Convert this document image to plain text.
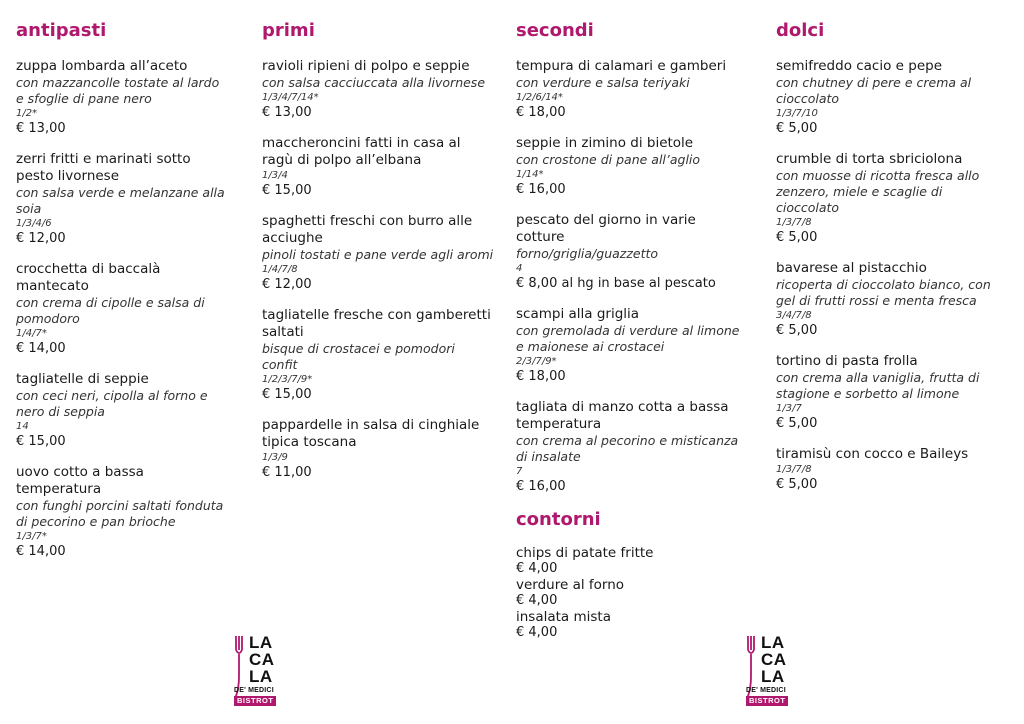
antipasti
zuppa lombarda all’aceto
con mazzancolle tostate al lardo e sfoglie di pane nero
1/2*
€ 13,00
zerri fritti e marinati sotto pesto livornese
con salsa verde e melanzane alla soia
1/3/4/6
€ 12,00
crocchetta di baccalà mantecato
con crema di cipolle e salsa di pomodoro
1/4/7*
€ 14,00
tagliatelle di seppie
con ceci neri, cipolla al forno e nero di seppia
14
€ 15,00
uovo cotto a bassa temperatura
con funghi porcini saltati fonduta di pecorino e pan brioche
1/3/7*
€ 14,00
primi
ravioli ripieni di polpo e seppie
con salsa cacciuccata alla livornese
1/3/4/7/14*
€ 13,00
maccheroncini fatti in casa al ragù di polpo all’elbana
1/3/4
€ 15,00
spaghetti freschi con burro alle acciughe
pinoli tostati e pane verde agli aromi
1/4/7/8
€ 12,00
tagliatelle fresche con gamberetti saltati
bisque di crostacei e pomodori confit
1/2/3/7/9*
€ 15,00
pappardelle in salsa di cinghiale tipica toscana
1/3/9
€ 11,00
secondi
tempura di calamari e gamberi
con verdure e salsa teriyaki
1/2/6/14*
€ 18,00
seppie in zimino di bietole
con crostone di pane all’aglio
1/14*
€ 16,00
pescato del giorno in varie cotture
forno/griglia/guazzetto
4
€ 8,00 al hg in base al pescato
scampi alla griglia
con gremolada di verdure al limone e maionese ai crostacei
2/3/7/9*
€ 18,00
tagliata di manzo cotta a bassa temperatura
con crema al pecorino e misticanza di insalate
7
€ 16,00
contorni
chips di patate fritte
€ 4,00
verdure al forno
€ 4,00
insalata mista
€ 4,00
dolci
semifreddo cacio e pepe
con chutney di pere e crema al cioccolato
1/3/7/10
€ 5,00
crumble di torta sbriciolona
con muosse di ricotta fresca allo zenzero, miele e scaglie di cioccolato
1/3/7/8
€ 5,00
bavarese al pistacchio
ricoperta di cioccolato bianco, con gel di frutti rossi e menta fresca
3/4/7/8
€ 5,00
tortino di pasta frolla
con crema alla vaniglia, frutta di stagione e sorbetto al limone
1/3/7
€ 5,00
tiramisù con cocco e Baileys
1/3/7/8
€ 5,00
LA
CA
LA
DE' MEDICI
BISTROT
LA
CA
LA
DE' MEDICI
BISTROT
